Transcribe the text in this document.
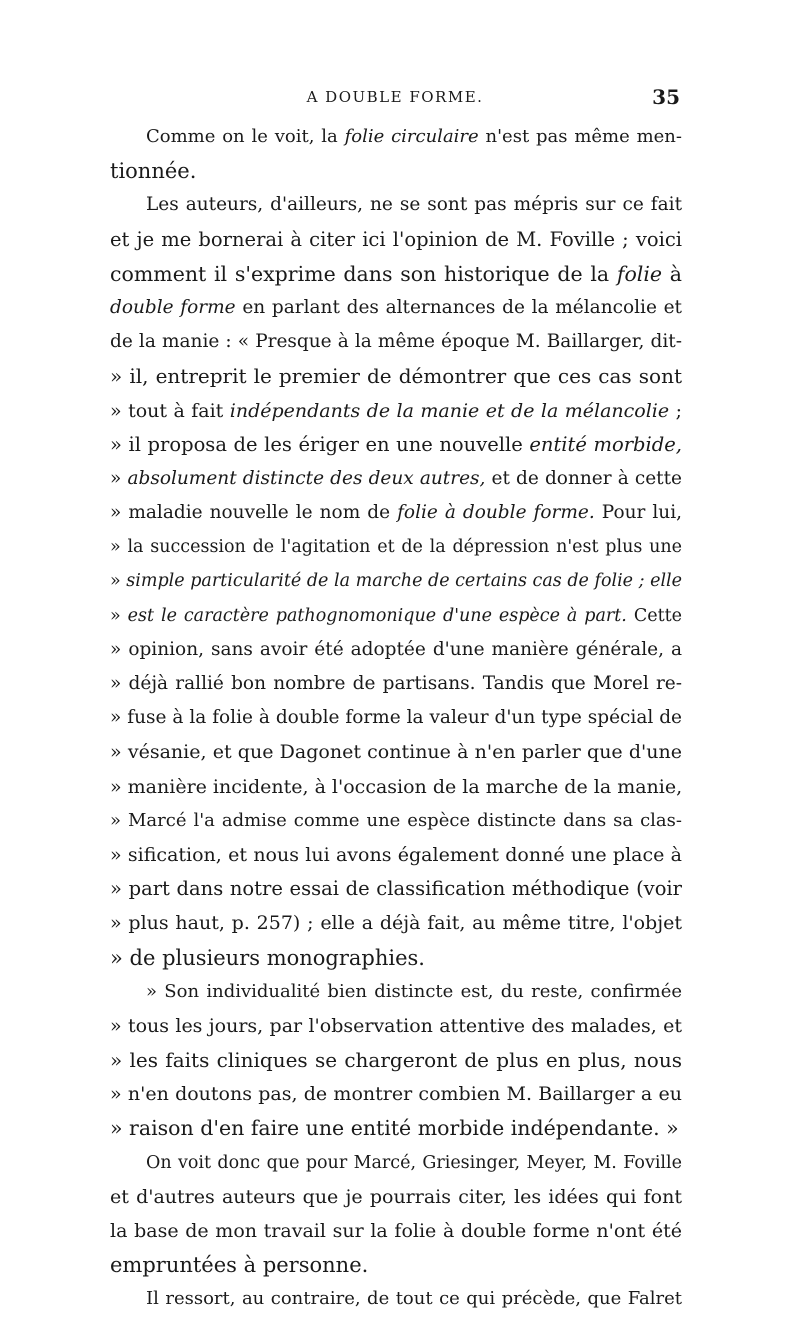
A DOUBLE FORME.	35
Comme on le voit, la folie circulaire n'est pas même men-
tionnée.
Les auteurs, d'ailleurs, ne se sont pas mépris sur ce fait
et je me bornerai à citer ici l'opinion de M. Foville ; voici
comment il s'exprime dans son historique de la folie à
double forme en parlant des alternances de la mélancolie et
de la manie : « Presque à la même époque M. Baillarger, dit-
» il, entreprit le premier de démontrer que ces cas sont
» tout à fait indépendants de la manie et de la mélancolie ;
» il proposa de les ériger en une nouvelle entité morbide,
» absolument distincte des deux autres, et de donner à cette
» maladie nouvelle le nom de folie à double forme. Pour lui,
» la succession de l'agitation et de la dépression n'est plus une
» simple particularité de la marche de certains cas de folie ; elle
» est le caractère pathognomonique d'une espèce à part. Cette
» opinion, sans avoir été adoptée d'une manière générale, a
» déjà rallié bon nombre de partisans. Tandis que Morel re-
» fuse à la folie à double forme la valeur d'un type spécial de
» vésanie, et que Dagonet continue à n'en parler que d'une
» manière incidente, à l'occasion de la marche de la manie,
» Marcé l'a admise comme une espèce distincte dans sa clas-
» sification, et nous lui avons également donné une place à
» part dans notre essai de classification méthodique (voir
» plus haut, p. 257) ; elle a déjà fait, au même titre, l'objet
» de plusieurs monographies.
» Son individualité bien distincte est, du reste, confirmée
» tous les jours, par l'observation attentive des malades, et
» les faits cliniques se chargeront de plus en plus, nous
» n'en doutons pas, de montrer combien M. Baillarger a eu
» raison d'en faire une entité morbide indépendante. »
On voit donc que pour Marcé, Griesinger, Meyer, M. Foville
et d'autres auteurs que je pourrais citer, les idées qui font
la base de mon travail sur la folie à double forme n'ont été
empruntées à personne.
Il ressort, au contraire, de tout ce qui précède, que Falret
